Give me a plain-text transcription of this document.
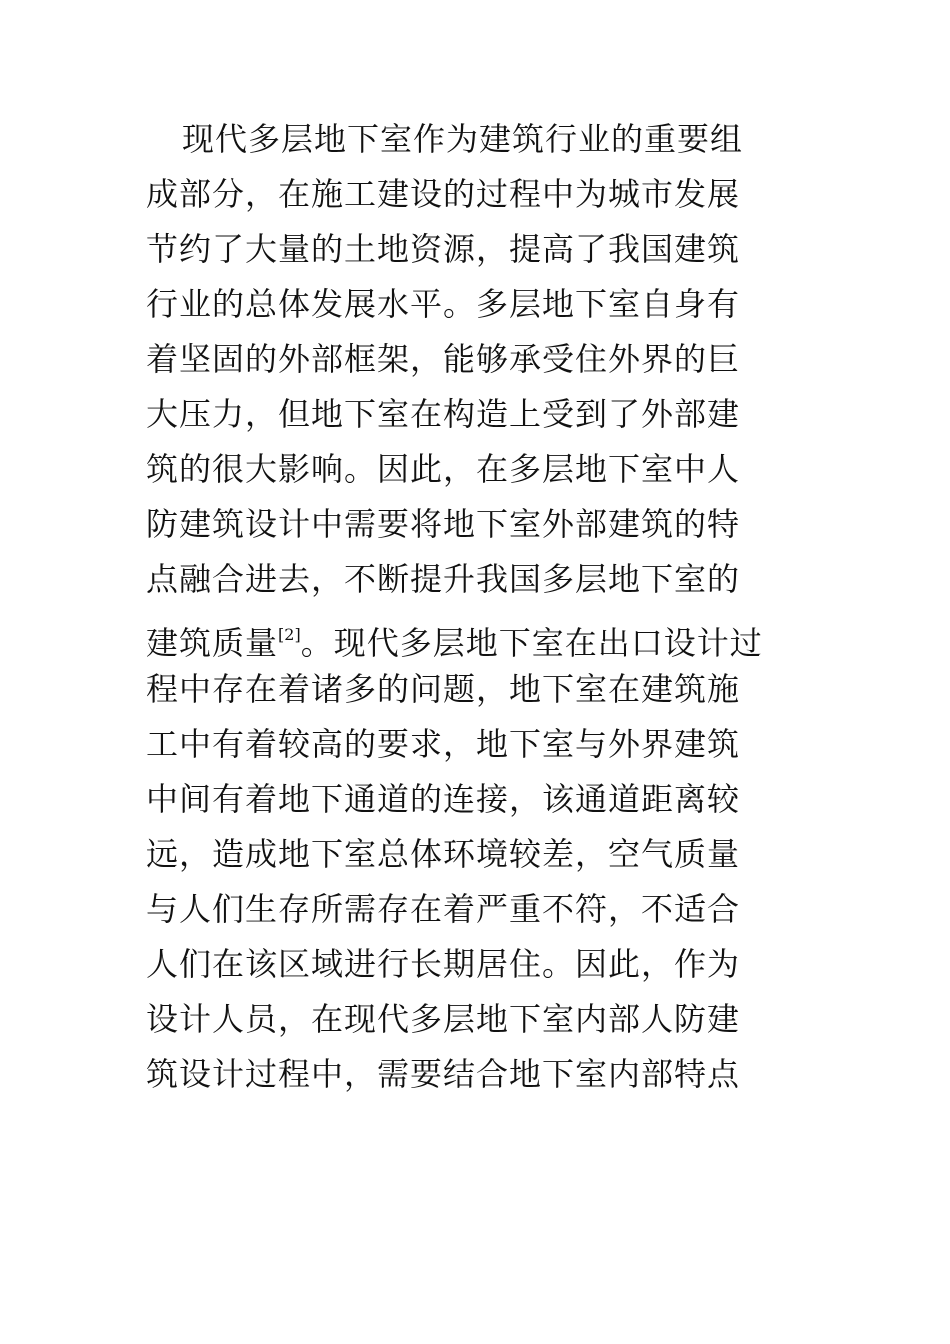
现代多层地下室作为建筑行业的重要组
成部分，在施工建设的过程中为城市发展
节约了大量的土地资源，提高了我国建筑
行业的总体发展水平。多层地下室自身有
着坚固的外部框架，能够承受住外界的巨
大压力，但地下室在构造上受到了外部建
筑的很大影响。因此，在多层地下室中人
防建筑设计中需要将地下室外部建筑的特
点融合进去，不断提升我国多层地下室的
建筑质量[2]。现代多层地下室在出口设计过
程中存在着诸多的问题，地下室在建筑施
工中有着较高的要求，地下室与外界建筑
中间有着地下通道的连接，该通道距离较
远，造成地下室总体环境较差，空气质量
与人们生存所需存在着严重不符，不适合
人们在该区域进行长期居住。因此，作为
设计人员，在现代多层地下室内部人防建
筑设计过程中，需要结合地下室内部特点
